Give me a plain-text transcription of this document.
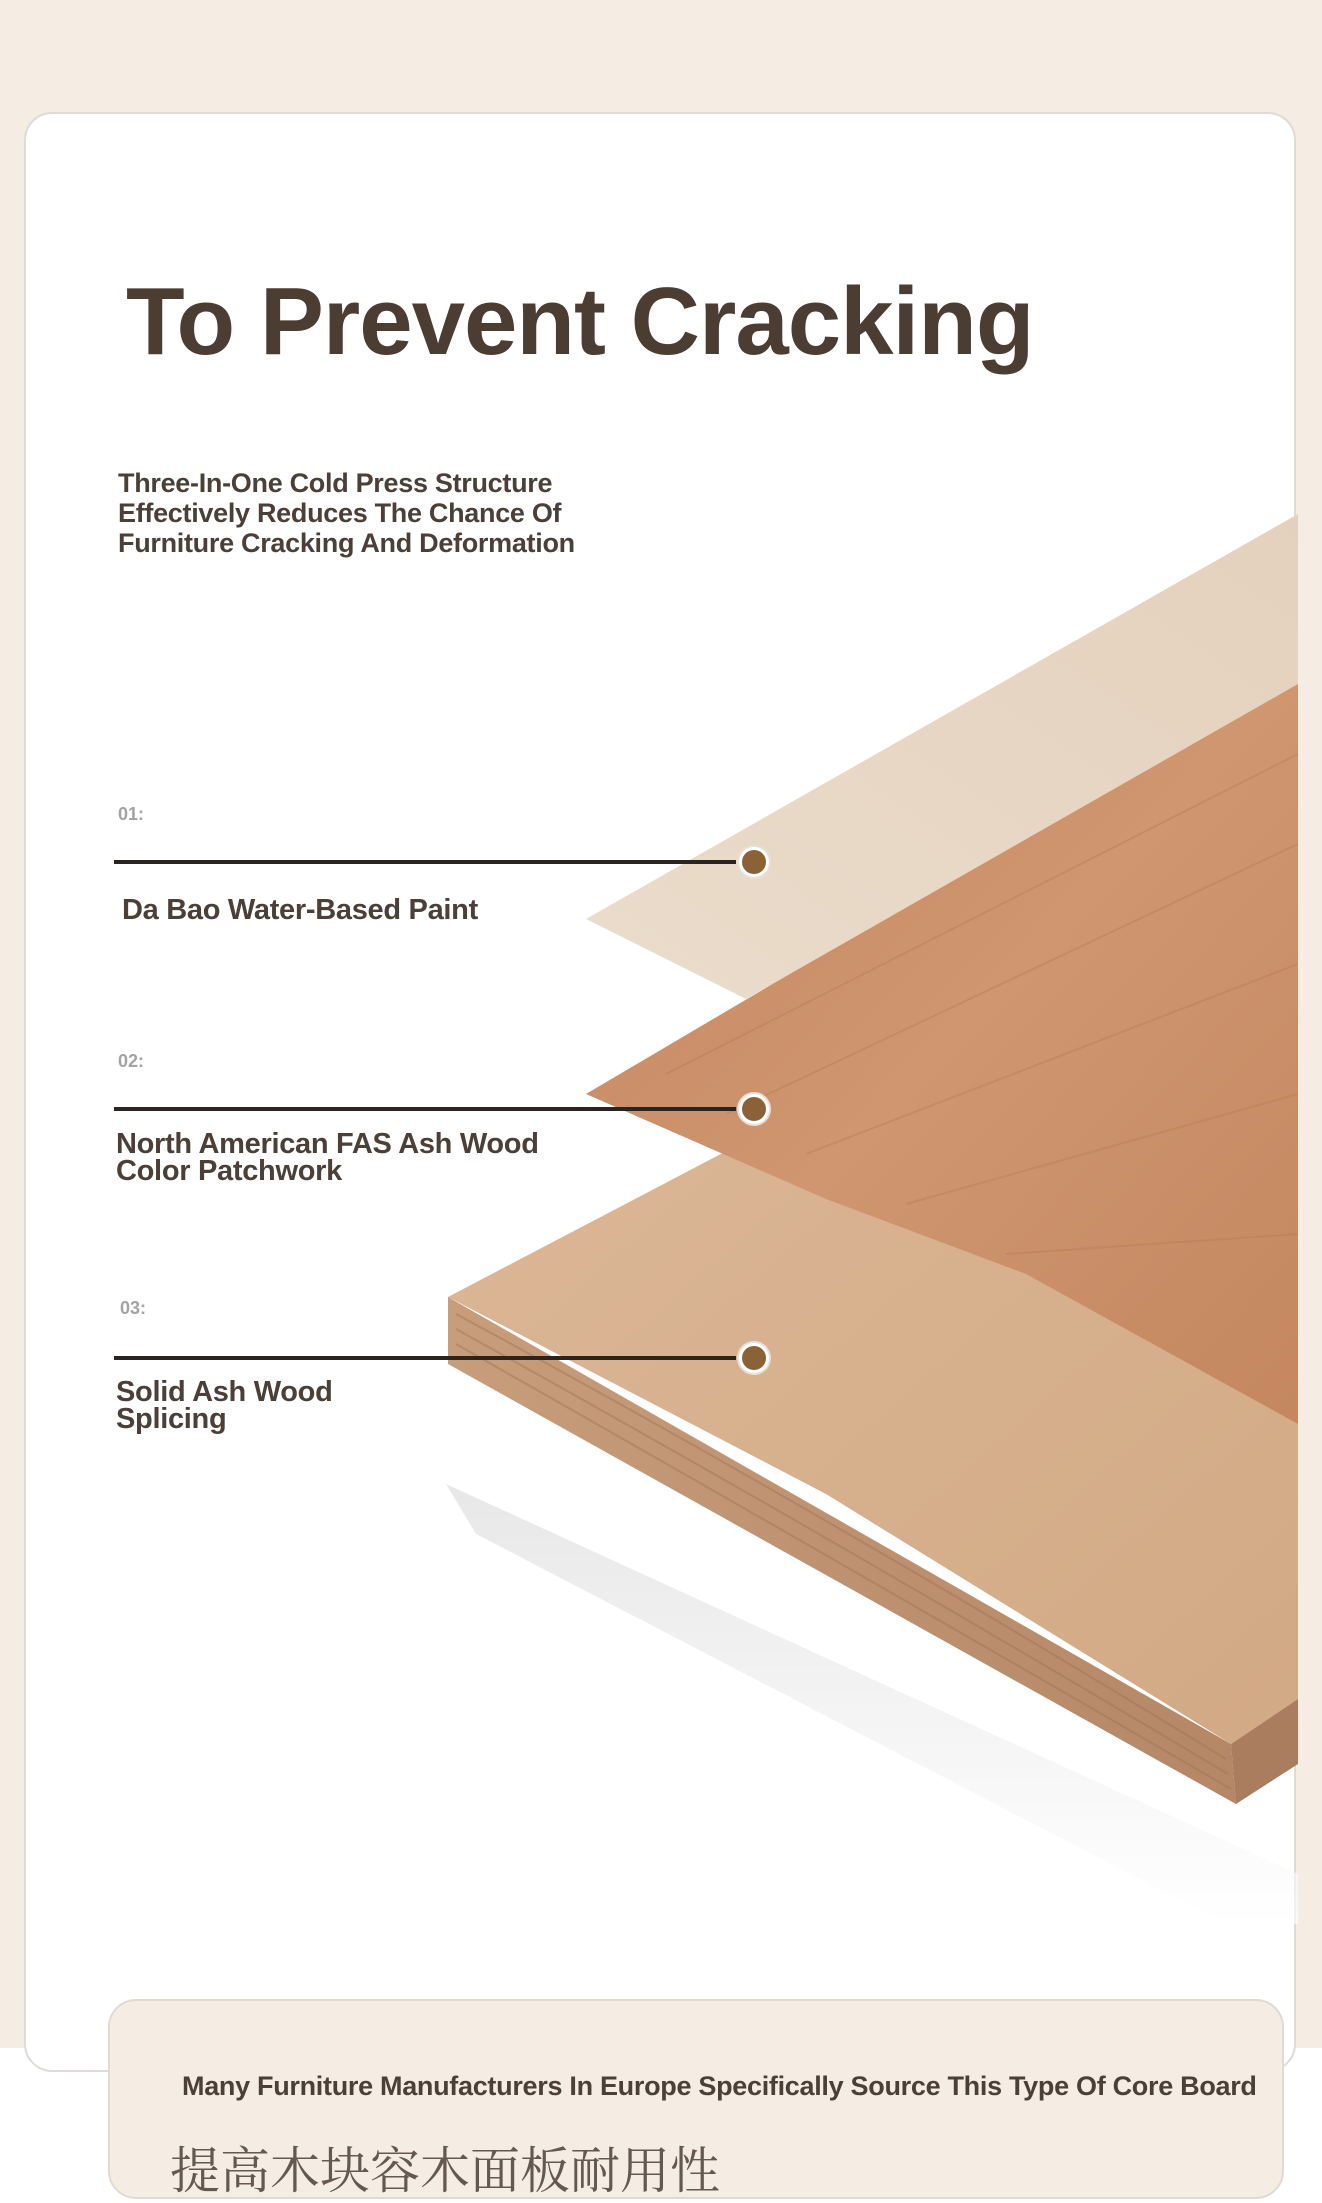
To Prevent Cracking
Three-In-One Cold Press Structure
Effectively Reduces The Chance Of
Furniture Cracking And Deformation
01:
Da Bao Water-Based Paint
02:
North American FAS Ash Wood
Color Patchwork
03:
Solid Ash Wood
Splicing
Many Furniture Manufacturers In Europe Specifically Source This Type Of Core Board
提高木块容木面板耐用性
